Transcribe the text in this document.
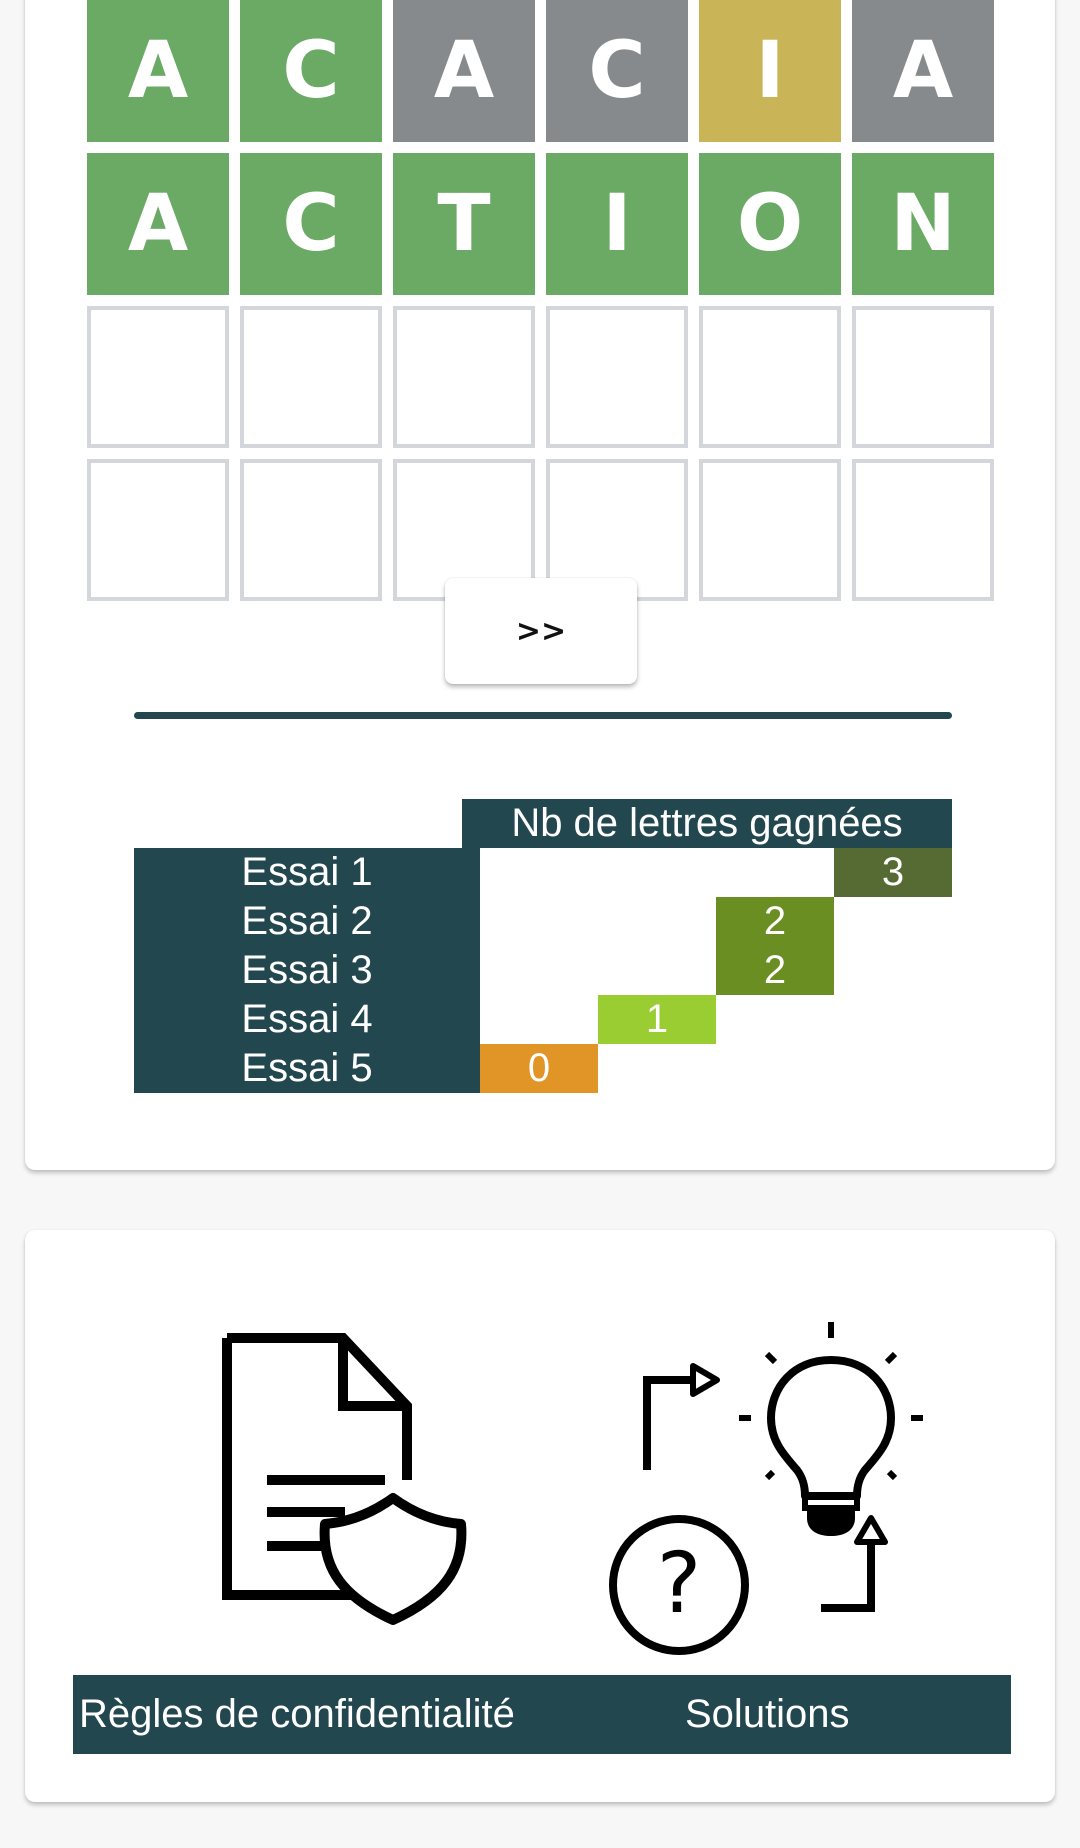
A	C	A	C	I	A
A	C	T	I	O	N
>>
Nb de lettres gagnées
Essai 1	3
Essai 2	2
Essai 3	2
Essai 4	1
Essai 5	0
?
Règles de confidentialité	Solutions
